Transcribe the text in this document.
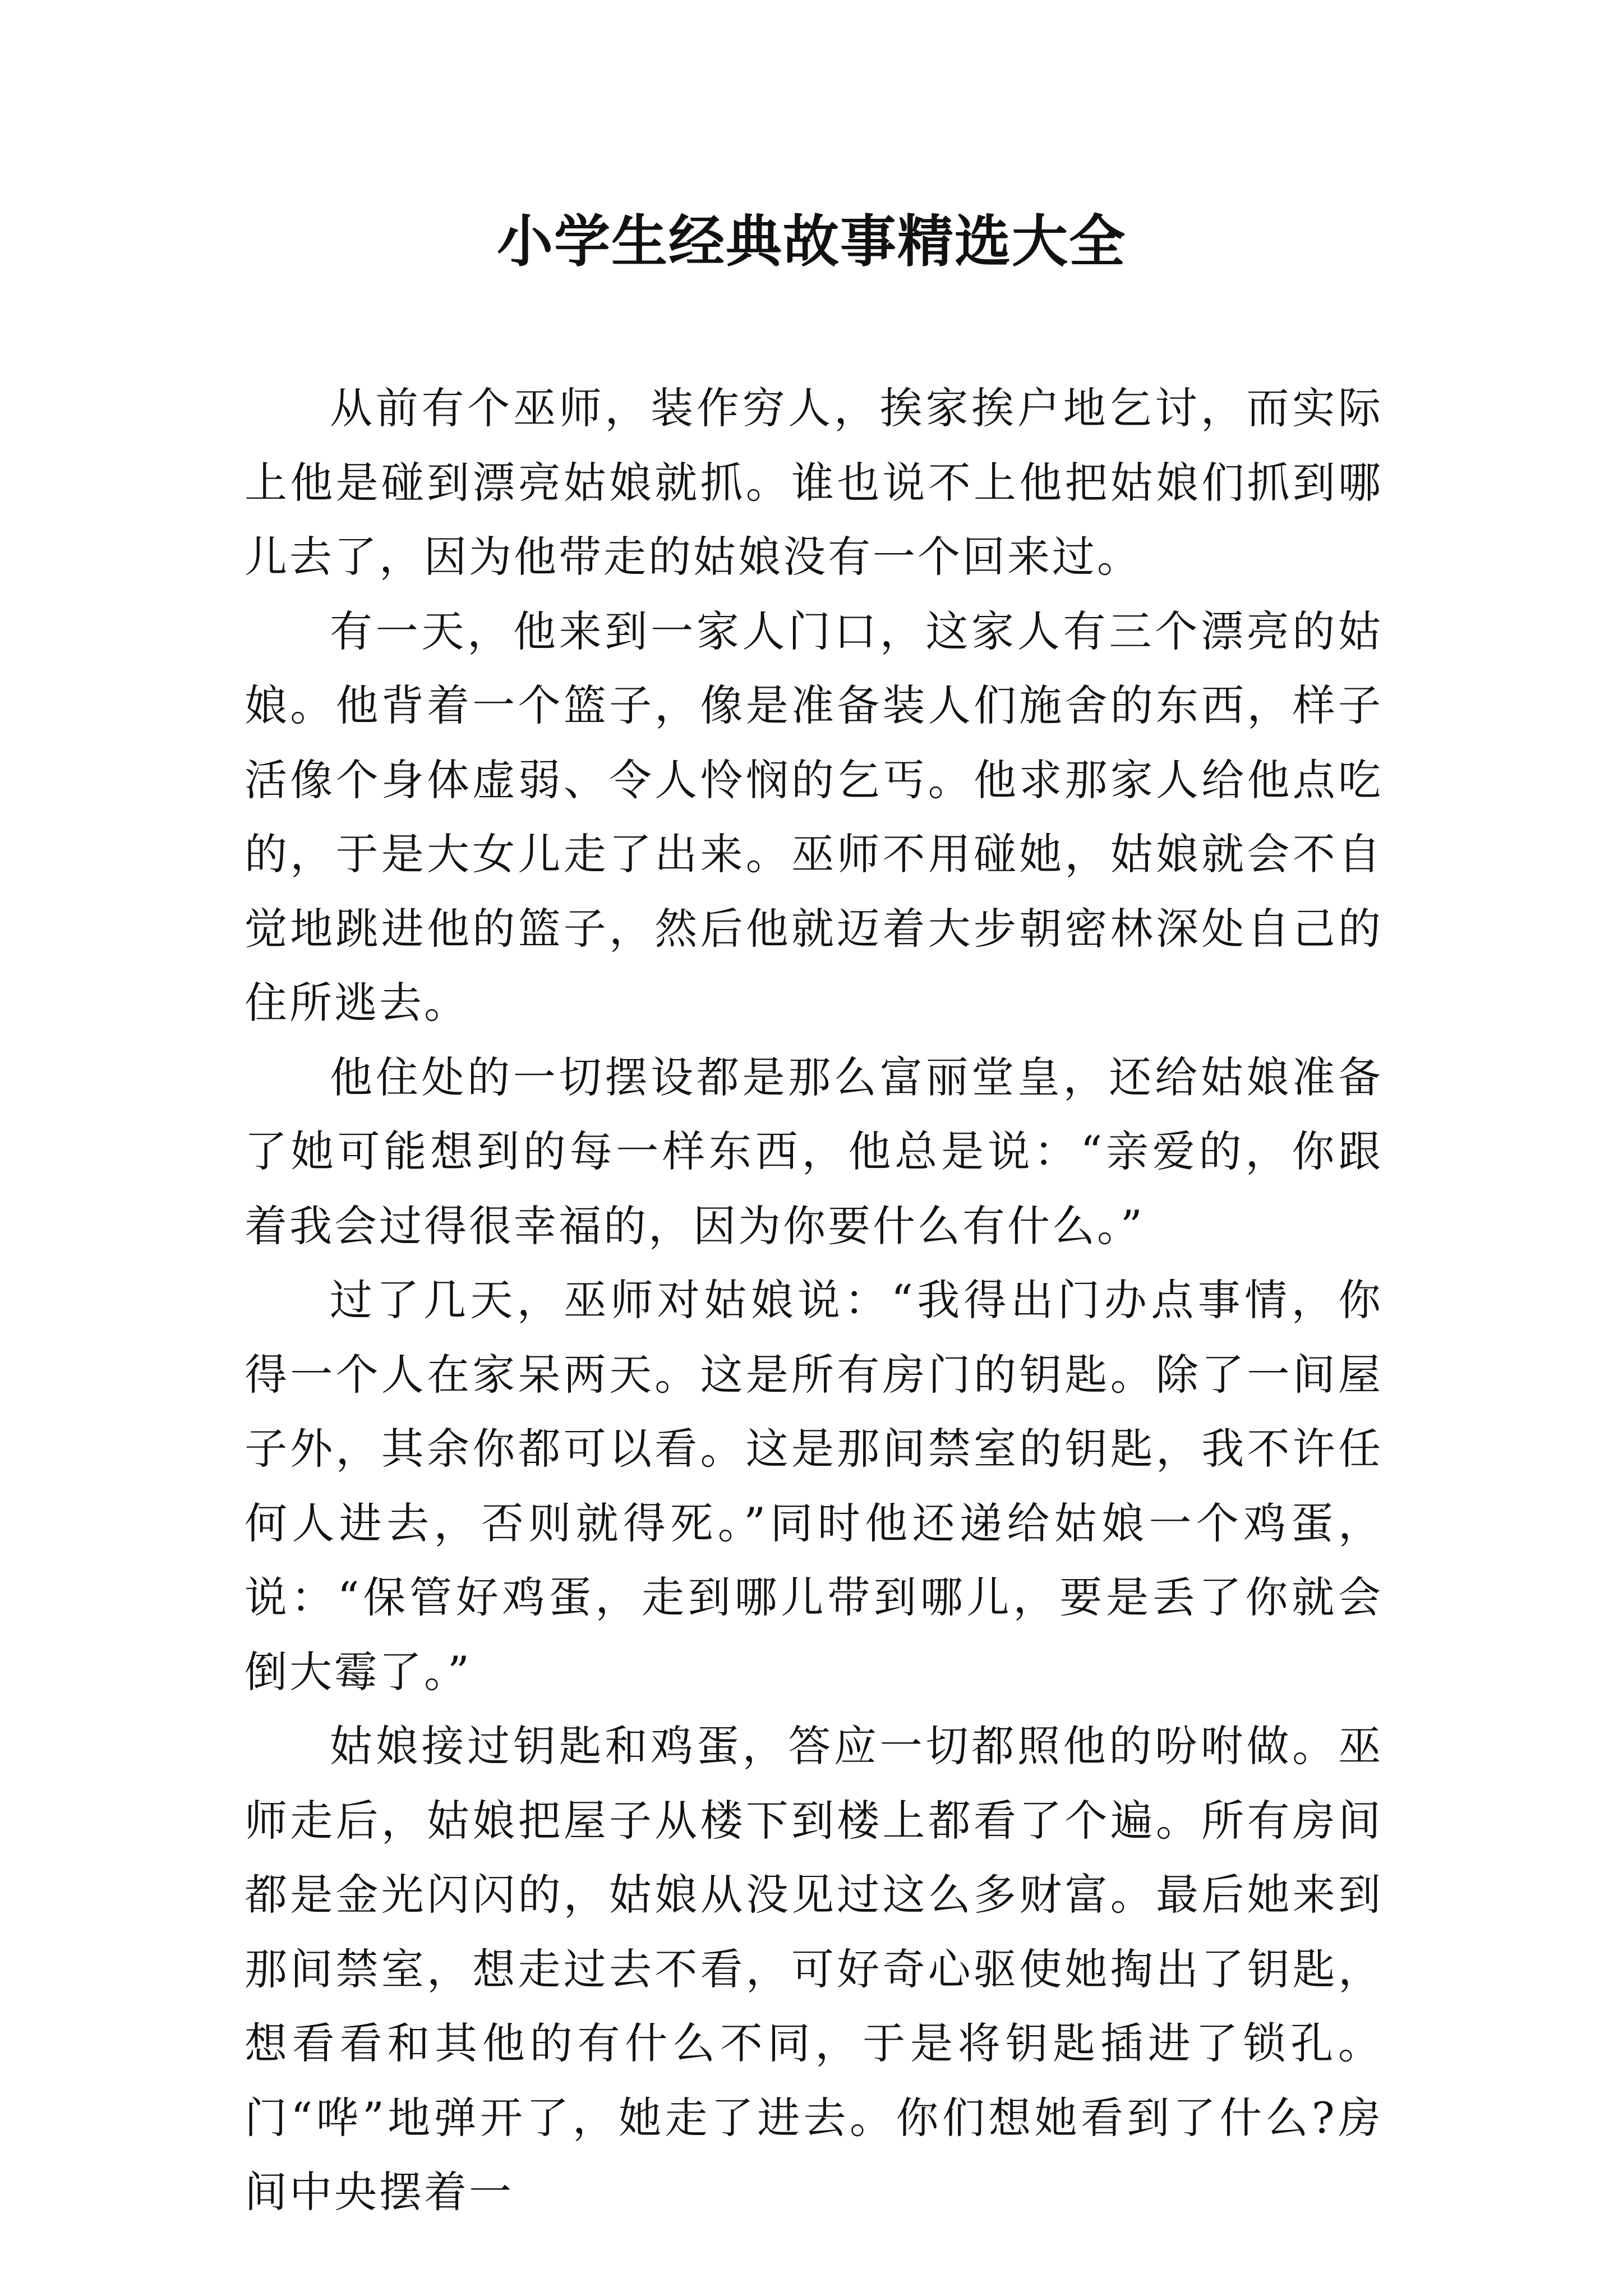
小学生经典故事精选大全

从前有个巫师，装作穷人，挨家挨户地乞讨，而实际上他是碰到漂亮姑娘就抓。谁也说不上他把姑娘们抓到哪儿去了，因为他带走的姑娘没有一个回来过。

有一天，他来到一家人门口，这家人有三个漂亮的姑娘。他背着一个篮子，像是准备装人们施舍的东西，样子活像个身体虚弱、令人怜悯的乞丐。他求那家人给他点吃的，于是大女儿走了出来。巫师不用碰她，姑娘就会不自觉地跳进他的篮子，然后他就迈着大步朝密林深处自己的住所逃去。

他住处的一切摆设都是那么富丽堂皇，还给姑娘准备了她可能想到的每一样东西，他总是说：“亲爱的，你跟着我会过得很幸福的，因为你要什么有什么。”

过了几天，巫师对姑娘说：“我得出门办点事情，你得一个人在家呆两天。这是所有房门的钥匙。除了一间屋子外，其余你都可以看。这是那间禁室的钥匙，我不许任何人进去，否则就得死。”同时他还递给姑娘一个鸡蛋，说：“保管好鸡蛋，走到哪儿带到哪儿，要是丢了你就会倒大霉了。”

姑娘接过钥匙和鸡蛋，答应一切都照他的吩咐做。巫师走后，姑娘把屋子从楼下到楼上都看了个遍。所有房间都是金光闪闪的，姑娘从没见过这么多财富。最后她来到那间禁室，想走过去不看，可好奇心驱使她掏出了钥匙，想看看和其他的有什么不同，于是将钥匙插进了锁孔。门“哗”地弹开了，她走了进去。你们想她看到了什么?房间中央摆着一
